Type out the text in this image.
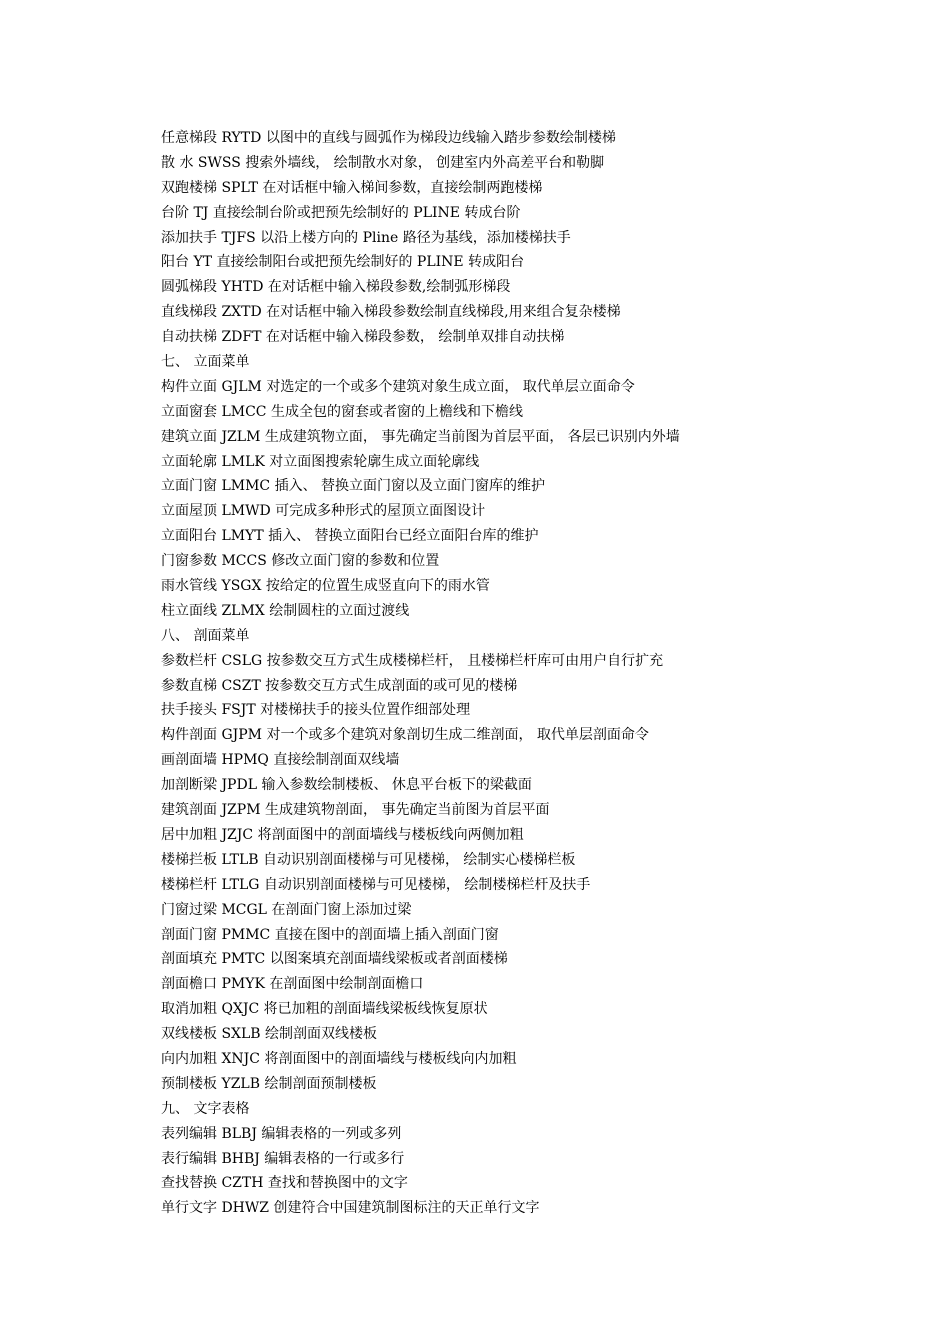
任意梯段 RYTD 以图中的直线与圆弧作为梯段边线输入踏步参数绘制楼梯
散 水 SWSS 搜索外墙线， 绘制散水对象， 创建室内外高差平台和勒脚
双跑楼梯 SPLT 在对话框中输入梯间参数，直接绘制两跑楼梯
台阶 TJ 直接绘制台阶或把预先绘制好的 PLINE 转成台阶
添加扶手 TJFS 以沿上楼方向的 Pline 路径为基线，添加楼梯扶手
阳台 YT 直接绘制阳台或把预先绘制好的 PLINE 转成阳台
圆弧梯段 YHTD 在对话框中输入梯段参数,绘制弧形梯段
直线梯段 ZXTD 在对话框中输入梯段参数绘制直线梯段,用来组合复杂楼梯
自动扶梯 ZDFT 在对话框中输入梯段参数， 绘制单双排自动扶梯
七、 立面菜单
构件立面 GJLM 对选定的一个或多个建筑对象生成立面， 取代单层立面命令
立面窗套 LMCC 生成全包的窗套或者窗的上檐线和下檐线
建筑立面 JZLM 生成建筑物立面， 事先确定当前图为首层平面， 各层已识别内外墙
立面轮廓 LMLK 对立面图搜索轮廓生成立面轮廓线
立面门窗 LMMC 插入、 替换立面门窗以及立面门窗库的维护
立面屋顶 LMWD 可完成多种形式的屋顶立面图设计
立面阳台 LMYT 插入、 替换立面阳台已经立面阳台库的维护
门窗参数 MCCS 修改立面门窗的参数和位置
雨水管线 YSGX 按给定的位置生成竖直向下的雨水管
柱立面线 ZLMX 绘制圆柱的立面过渡线
八、 剖面菜单
参数栏杆 CSLG 按参数交互方式生成楼梯栏杆， 且楼梯栏杆库可由用户自行扩充
参数直梯 CSZT 按参数交互方式生成剖面的或可见的楼梯
扶手接头 FSJT 对楼梯扶手的接头位置作细部处理
构件剖面 GJPM 对一个或多个建筑对象剖切生成二维剖面， 取代单层剖面命令
画剖面墙 HPMQ 直接绘制剖面双线墙
加剖断梁 JPDL 输入参数绘制楼板、 休息平台板下的梁截面
建筑剖面 JZPM 生成建筑物剖面， 事先确定当前图为首层平面
居中加粗 JZJC 将剖面图中的剖面墙线与楼板线向两侧加粗
楼梯拦板 LTLB 自动识别剖面楼梯与可见楼梯， 绘制实心楼梯栏板
楼梯栏杆 LTLG 自动识别剖面楼梯与可见楼梯， 绘制楼梯栏杆及扶手
门窗过梁 MCGL 在剖面门窗上添加过梁
剖面门窗 PMMC 直接在图中的剖面墙上插入剖面门窗
剖面填充 PMTC 以图案填充剖面墙线梁板或者剖面楼梯
剖面檐口 PMYK 在剖面图中绘制剖面檐口
取消加粗 QXJC 将已加粗的剖面墙线梁板线恢复原状
双线楼板 SXLB 绘制剖面双线楼板
向内加粗 XNJC 将剖面图中的剖面墙线与楼板线向内加粗
预制楼板 YZLB 绘制剖面预制楼板
九、 文字表格
表列编辑 BLBJ 编辑表格的一列或多列
表行编辑 BHBJ 编辑表格的一行或多行
查找替换 CZTH 查找和替换图中的文字
单行文字 DHWZ 创建符合中国建筑制图标注的天正单行文字
